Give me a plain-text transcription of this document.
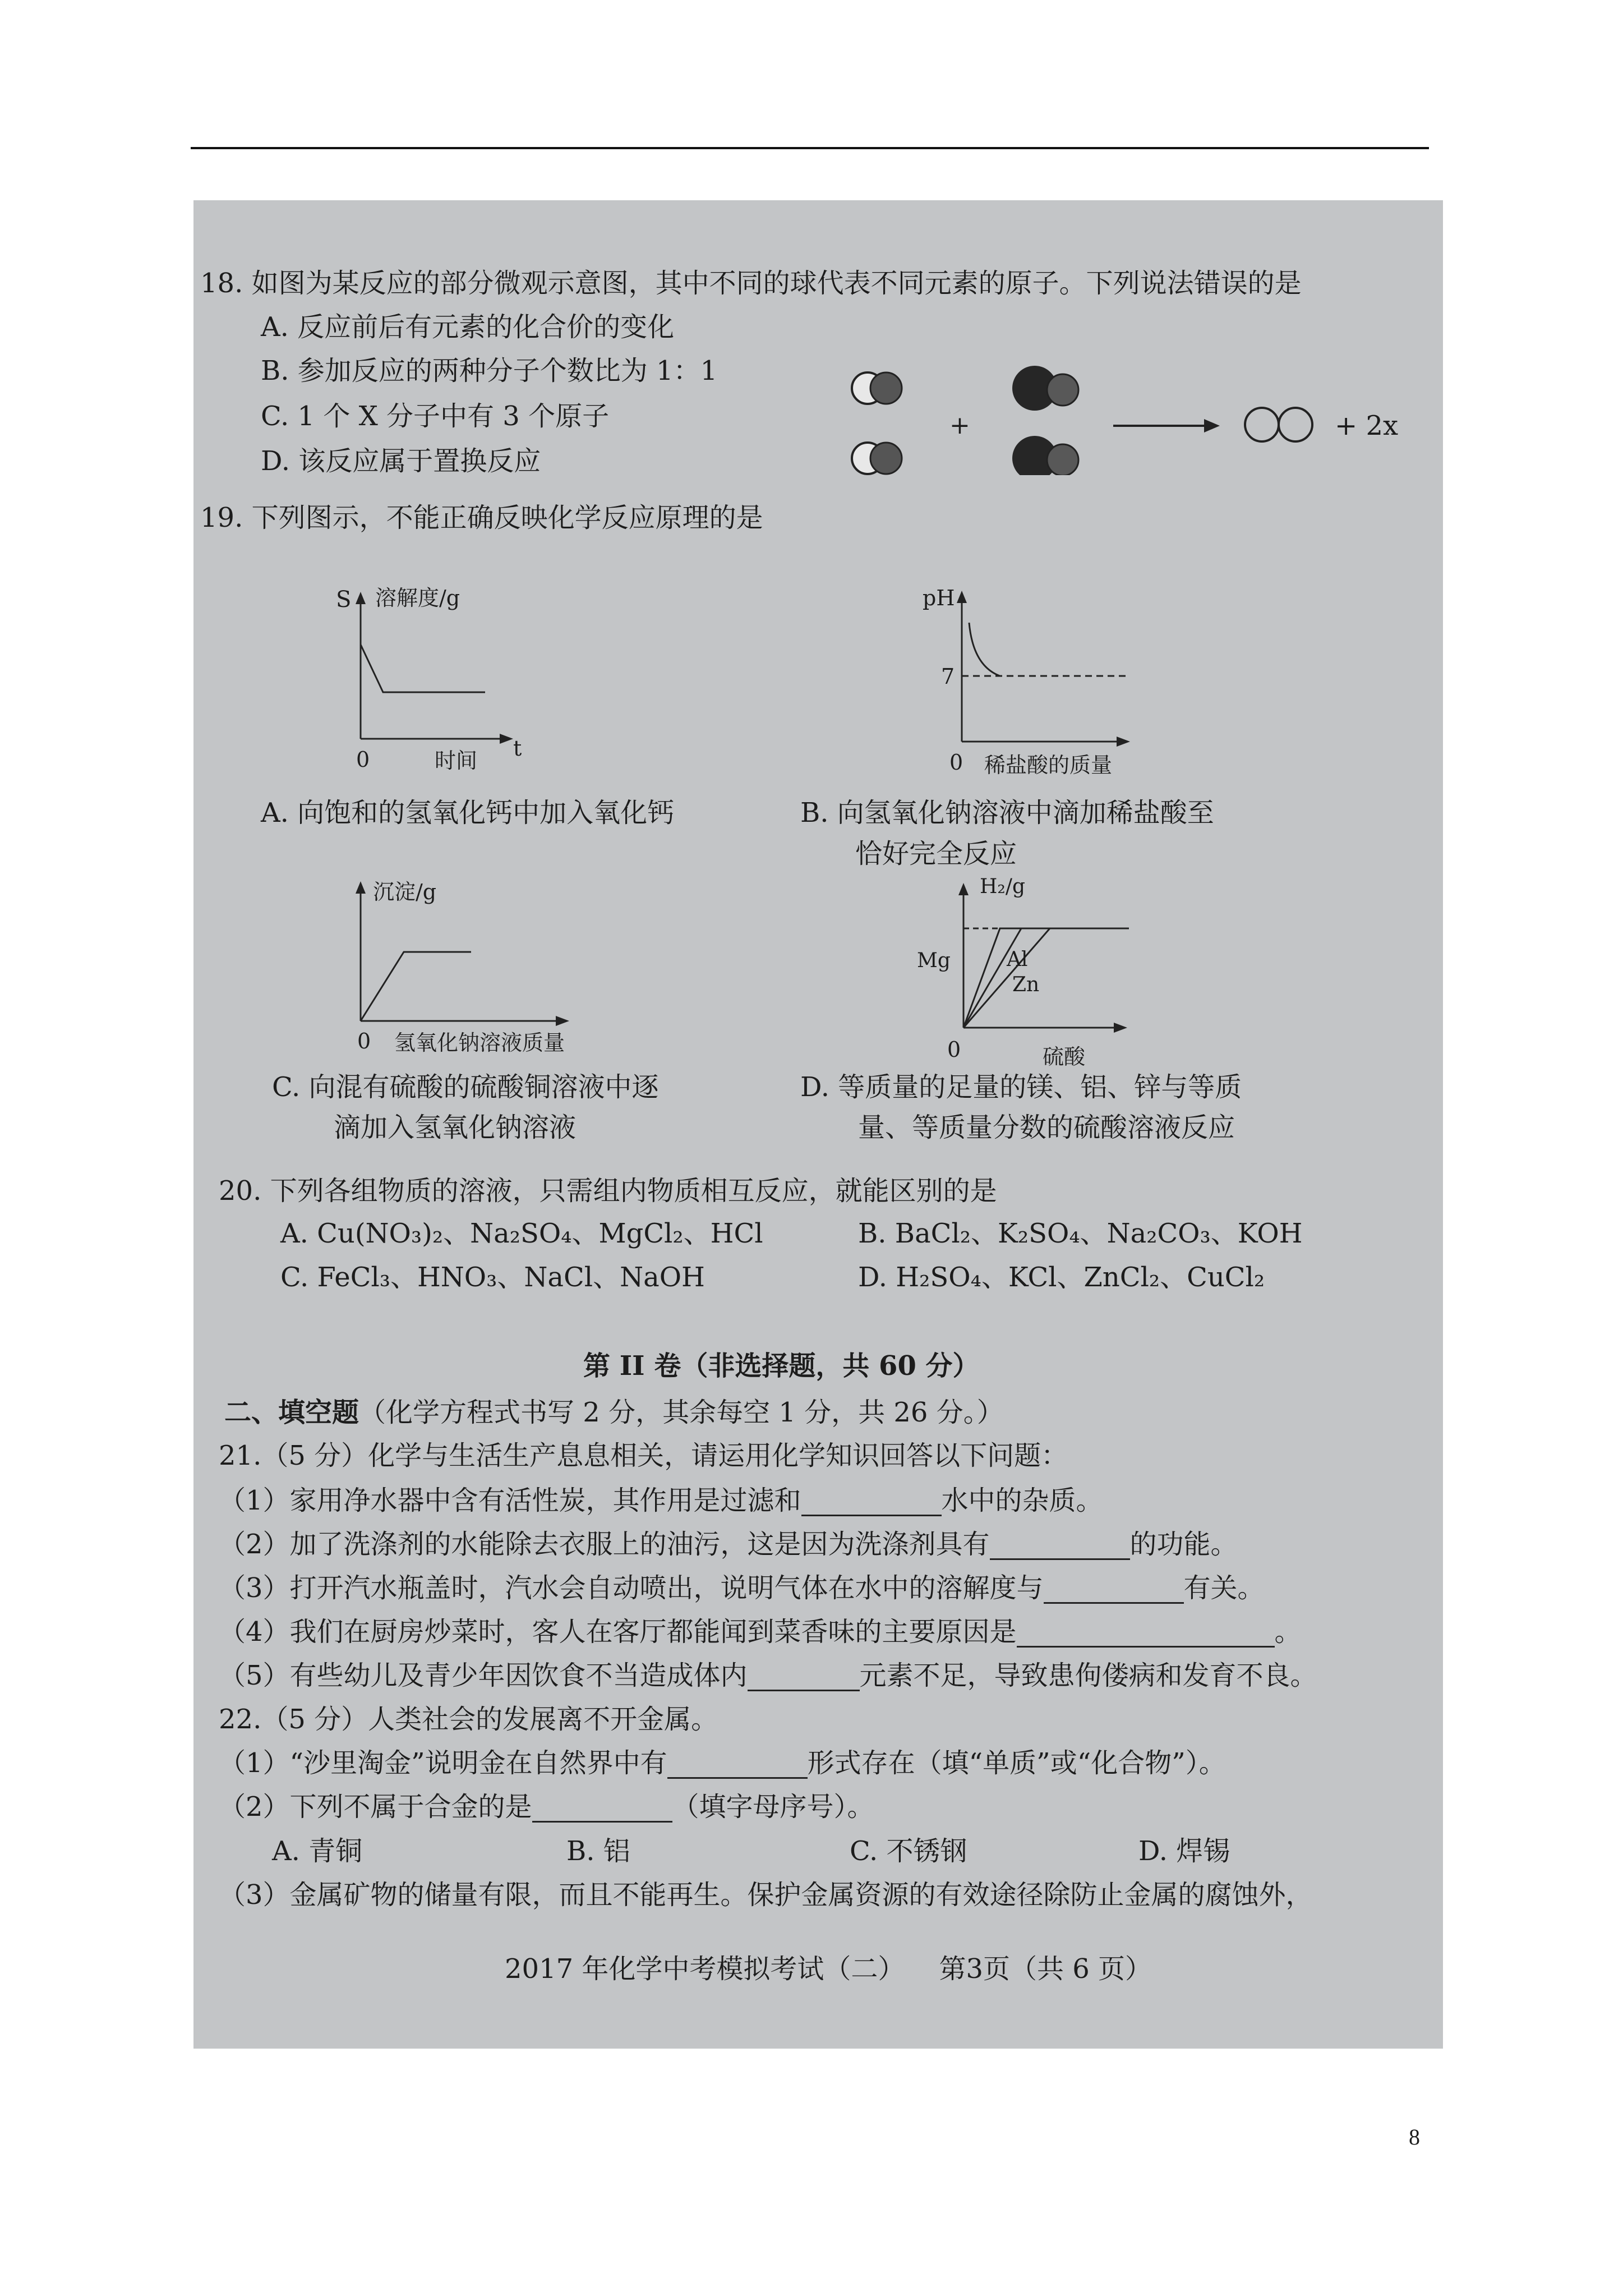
18. 如图为某反应的部分微观示意图，其中不同的球代表不同元素的原子。下列说法错误的是
A. 反应前后有元素的化合价的变化
B. 参加反应的两种分子个数比为 1：1
C. 1 个 X 分子中有 3 个原子
D. 该反应属于置换反应
+	+ 2x
19. 下列图示，不能正确反映化学反应原理的是
S 溶解度/g
0	时间 t
A. 向饱和的氢氧化钙中加入氧化钙
pH
7
0 稀盐酸的质量
B. 向氢氧化钠溶液中滴加稀盐酸至
恰好完全反应
沉淀/g
0 氢氧化钠溶液质量
C. 向混有硫酸的硫酸铜溶液中逐
滴加入氢氧化钠溶液
H₂/g
Mg	Al
Zn
0	硫酸
D. 等质量的足量的镁、铝、锌与等质
量、等质量分数的硫酸溶液反应
20. 下列各组物质的溶液，只需组内物质相互反应，就能区别的是
A. Cu(NO₃)₂、Na₂SO₄、MgCl₂、HCl	B. BaCl₂、K₂SO₄、Na₂CO₃、KOH
C. FeCl₃、HNO₃、NaCl、NaOH	D. H₂SO₄、KCl、ZnCl₂、CuCl₂
第 II 卷（非选择题，共 60 分）
二、填空题（化学方程式书写 2 分，其余每空 1 分，共 26 分。）
21.（5 分）化学与生活生产息息相关，请运用化学知识回答以下问题：
（1）家用净水器中含有活性炭，其作用是过滤和	水中的杂质。
（2）加了洗涤剂的水能除去衣服上的油污，这是因为洗涤剂具有	的功能。
（3）打开汽水瓶盖时，汽水会自动喷出，说明气体在水中的溶解度与	有关。
（4）我们在厨房炒菜时，客人在客厅都能闻到菜香味的主要原因是	。
（5）有些幼儿及青少年因饮食不当造成体内	元素不足，导致患佝偻病和发育不良。
22.（5 分）人类社会的发展离不开金属。
（1）“沙里淘金”说明金在自然界中有	形式存在（填“单质”或“化合物”）。
（2）下列不属于合金的是	（填字母序号）。
A. 青铜	B. 铝	C. 不锈钢	D. 焊锡
（3）金属矿物的储量有限，而且不能再生。保护金属资源的有效途径除防止金属的腐蚀外，
2017 年化学中考模拟考试（二）    第3页（共 6 页）
8
